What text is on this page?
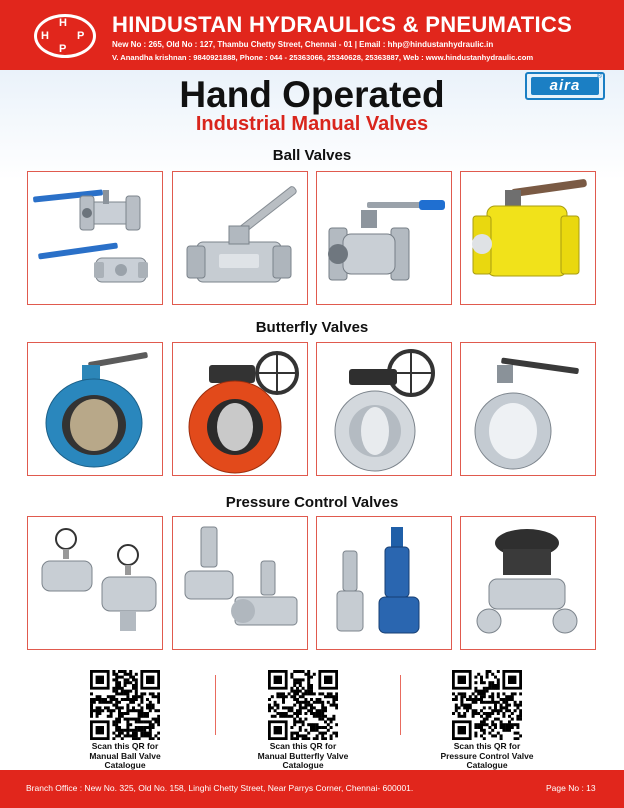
H
H	P
P
HINDUSTAN HYDRAULICS & PNEUMATICS
New No : 265, Old No : 127, Thambu Chetty Street, Chennai - 01 | Email : hhp@hindustanhydraulic.in
V. Anandha krishnan : 9840921888, Phone : 044 - 25363066, 25340628, 25363887, Web : www.hindustanhydraulic.com
Hand Operated
Industrial Manual Valves
aira
®
Ball Valves
Butterfly Valves
Pressure Control Valves
Scan this QR for
Manual Ball Valve
Catalogue
Scan this QR for
Manual Butterfly Valve
Catalogue
Scan this QR for
Pressure Control Valve
Catalogue
Branch Office : New No. 325, Old No. 158, Linghi Chetty Street, Near Parrys Corner, Chennai- 600001.	Page No : 13
